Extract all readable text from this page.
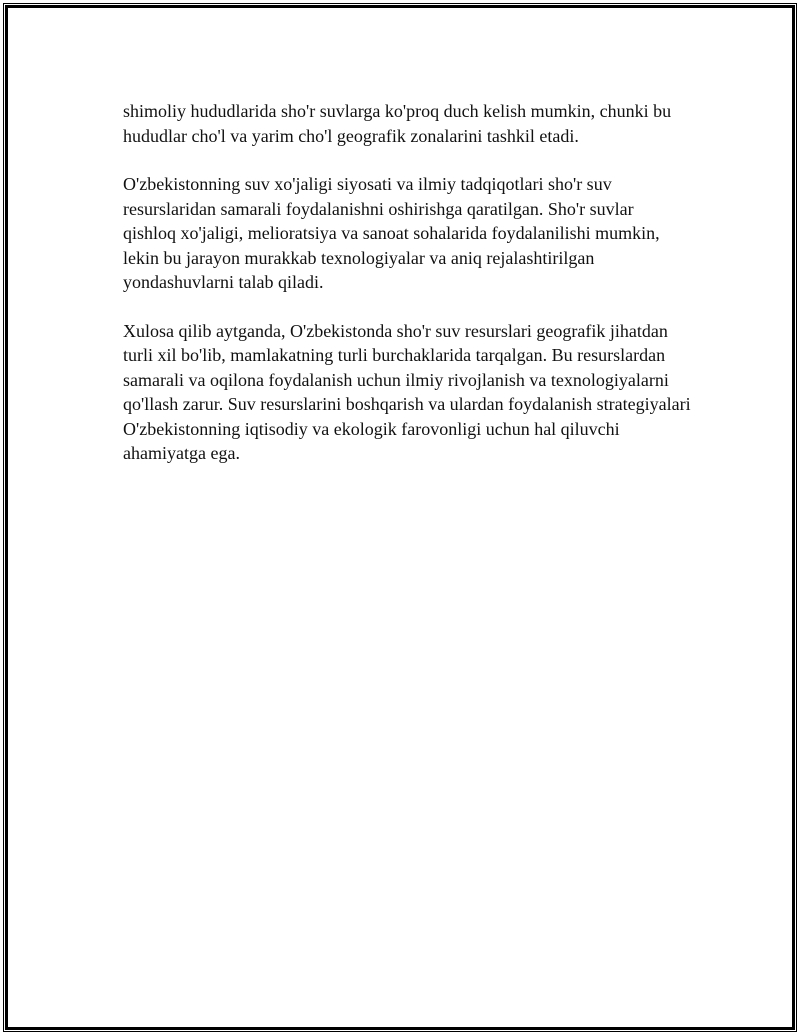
shimoliy hududlarida sho'r suvlarga ko'proq duch kelish mumkin, chunki bu hududlar cho'l va yarim cho'l geografik zonalarini tashkil etadi.

O'zbekistonning suv xo'jaligi siyosati va ilmiy tadqiqotlari sho'r suv resurslaridan samarali foydalanishni oshirishga qaratilgan. Sho'r suvlar qishloq xo'jaligi, melioratsiya va sanoat sohalarida foydalanilishi mumkin, lekin bu jarayon murakkab texnologiyalar va aniq rejalashtirilgan yondashuvlarni talab qiladi.

Xulosa qilib aytganda, O'zbekistonda sho'r suv resurslari geografik jihatdan turli xil bo'lib, mamlakatning turli burchaklarida tarqalgan. Bu resurslardan samarali va oqilona foydalanish uchun ilmiy rivojlanish va texnologiyalarni qo'llash zarur. Suv resurslarini boshqarish va ulardan foydalanish strategiyalari O'zbekistonning iqtisodiy va ekologik farovonligi uchun hal qiluvchi ahamiyatga ega.
